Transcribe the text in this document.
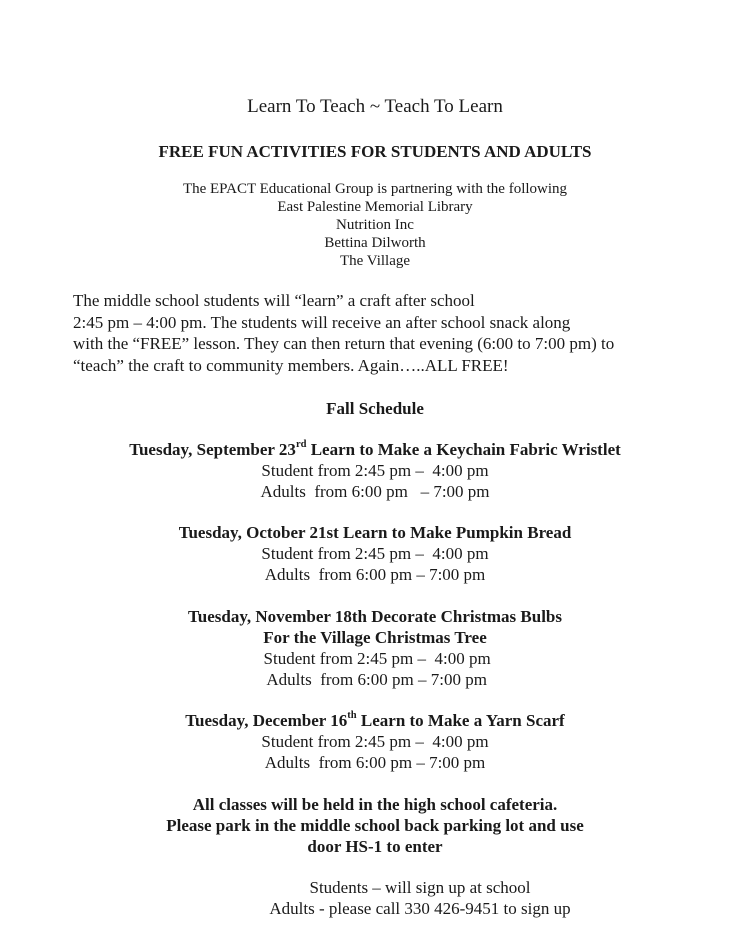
Learn To Teach ~ Teach To Learn
FREE FUN ACTIVITIES FOR STUDENTS AND ADULTS
The EPACT Educational Group is partnering with the following
East Palestine Memorial Library
Nutrition Inc
Bettina Dilworth
The Village
The middle school students will “learn” a craft after school
2:45 pm – 4:00 pm. The students will receive an after school snack along
with the “FREE” lesson. They can then return that evening (6:00 to 7:00 pm) to
“teach” the craft to community members. Again…..ALL FREE!

Fall Schedule
Tuesday, September 23rd Learn to Make a Keychain Fabric Wristlet
Student from 2:45 pm –  4:00 pm
Adults  from 6:00 pm   – 7:00 pm
Tuesday, October 21st Learn to Make Pumpkin Bread
Student from 2:45 pm –  4:00 pm
Adults  from 6:00 pm – 7:00 pm
Tuesday, November 18th Decorate Christmas Bulbs
For the Village Christmas Tree
Student from 2:45 pm –  4:00 pm
Adults  from 6:00 pm – 7:00 pm
Tuesday, December 16th Learn to Make a Yarn Scarf
Student from 2:45 pm –  4:00 pm
Adults  from 6:00 pm – 7:00 pm
All classes will be held in the high school cafeteria.
Please park in the middle school back parking lot and use
door HS-1 to enter
Students – will sign up at school
Adults - please call 330 426-9451 to sign up
